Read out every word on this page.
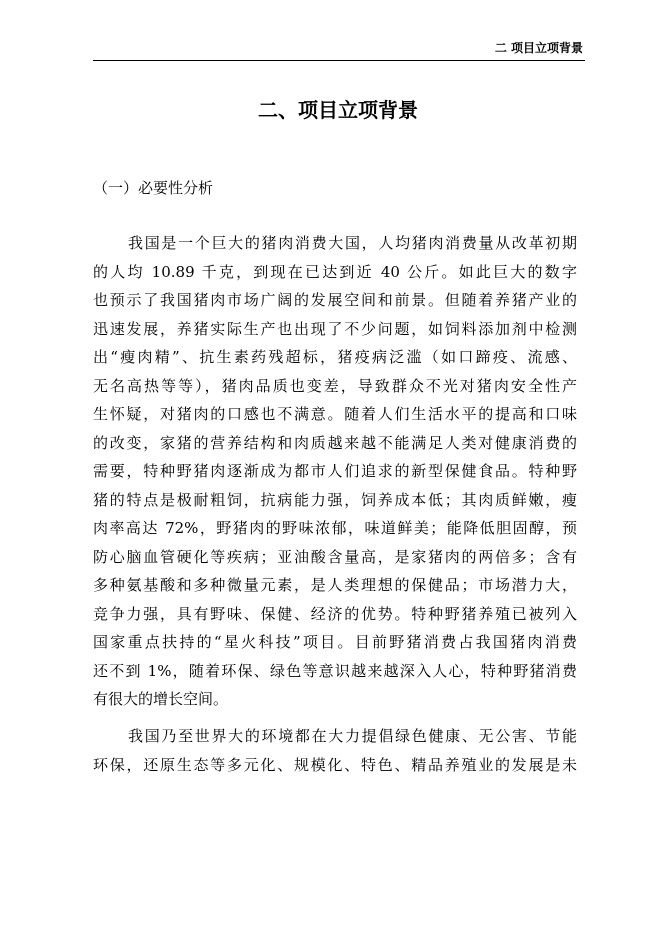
二 项目立项背景
二、项目立项背景
（一）必要性分析
我国是一个巨大的猪肉消费大国，人均猪肉消费量从改革初期
的人均 10.89 千克，到现在已达到近 40 公斤。如此巨大的数字
也预示了我国猪肉市场广阔的发展空间和前景。但随着养猪产业的
迅速发展，养猪实际生产也出现了不少问题，如饲料添加剂中检测
出“瘦肉精”、抗生素药残超标，猪疫病泛滥（如口蹄疫、流感、
无名高热等等），猪肉品质也变差，导致群众不光对猪肉安全性产
生怀疑，对猪肉的口感也不满意。随着人们生活水平的提高和口味
的改变，家猪的营养结构和肉质越来越不能满足人类对健康消费的
需要，特种野猪肉逐渐成为都市人们追求的新型保健食品。特种野
猪的特点是极耐粗饲，抗病能力强，饲养成本低；其肉质鲜嫩，瘦
肉率高达 72%，野猪肉的野味浓郁，味道鲜美；能降低胆固醇，预
防心脑血管硬化等疾病；亚油酸含量高，是家猪肉的两倍多；含有
多种氨基酸和多种微量元素，是人类理想的保健品；市场潜力大，
竞争力强，具有野味、保健、经济的优势。特种野猪养殖已被列入
国家重点扶持的“星火科技”项目。目前野猪消费占我国猪肉消费
还不到 1%，随着环保、绿色等意识越来越深入人心，特种野猪消费
有很大的增长空间。
我国乃至世界大的环境都在大力提倡绿色健康、无公害、节能
环保，还原生态等多元化、规模化、特色、精品养殖业的发展是未
